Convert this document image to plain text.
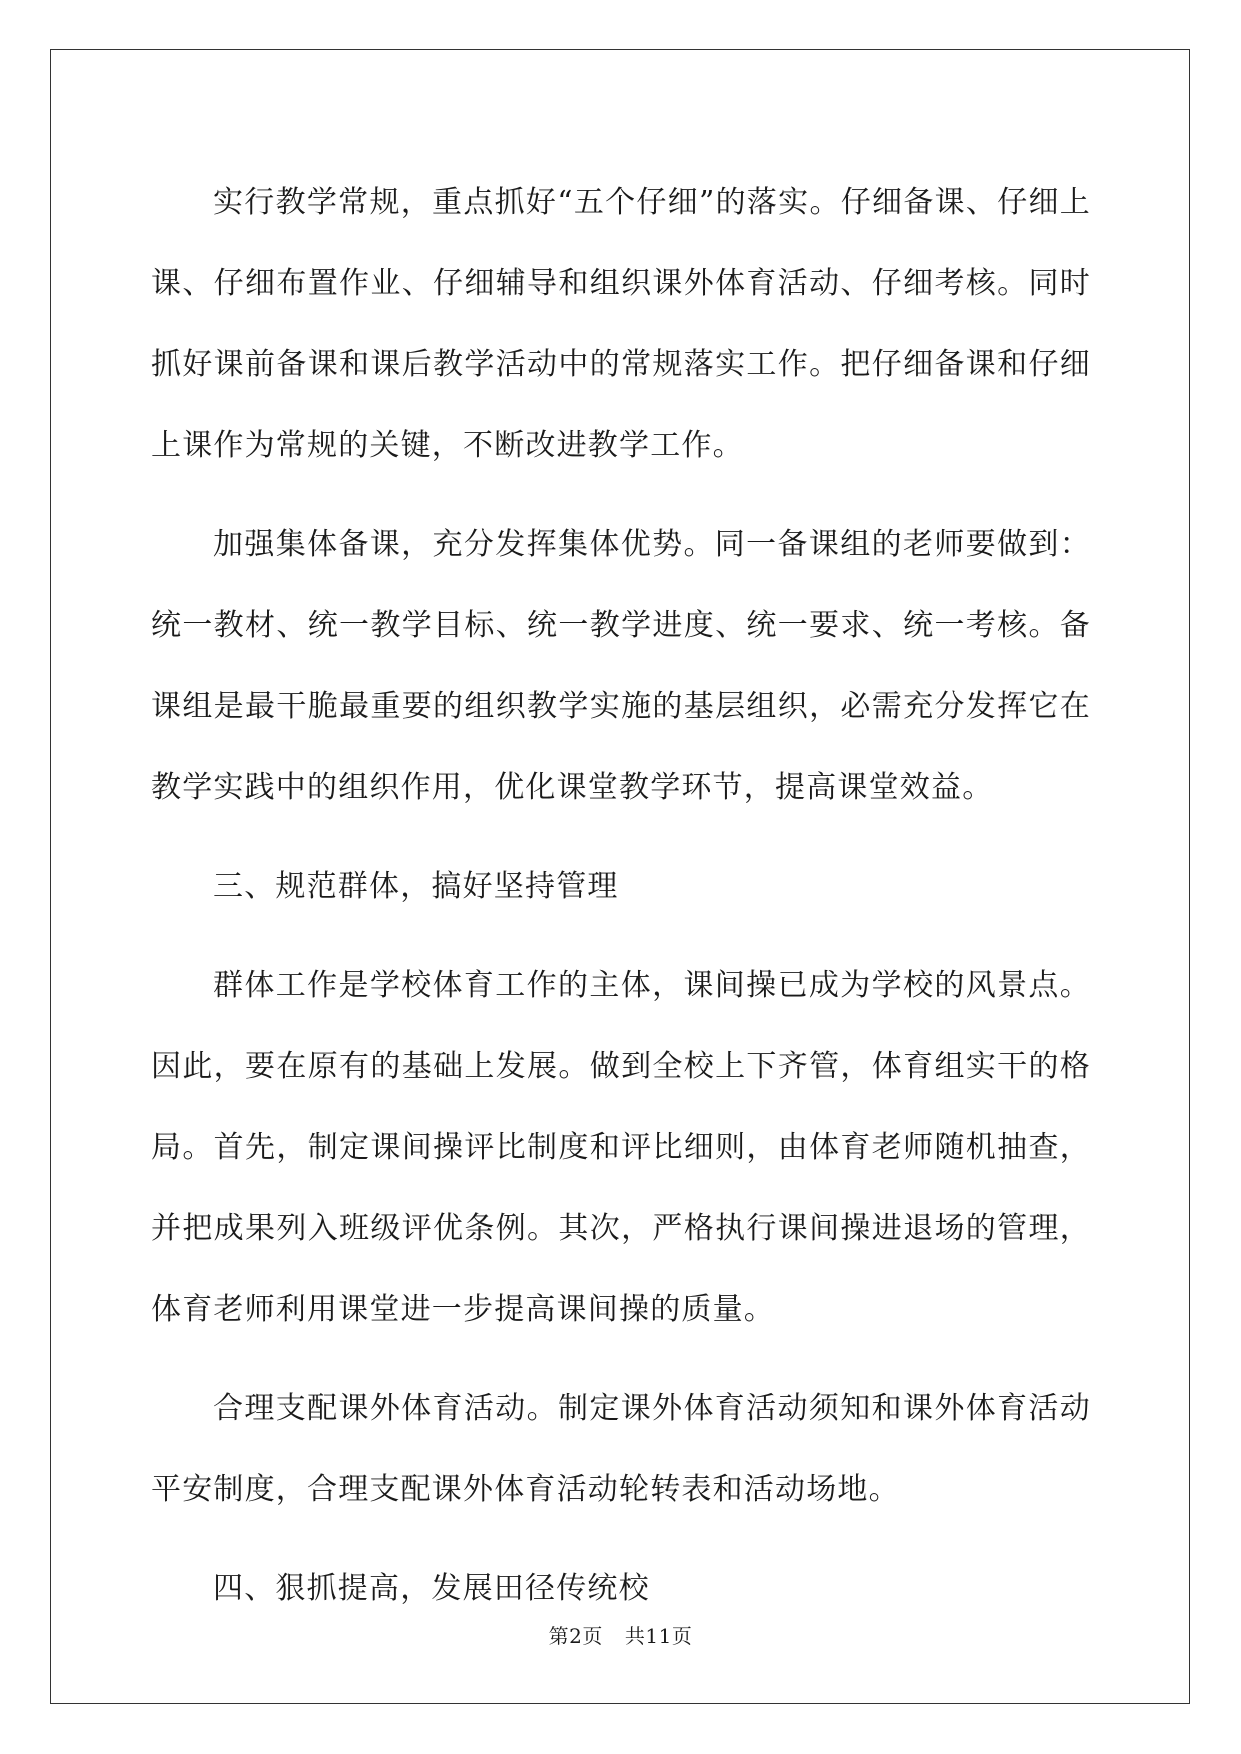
实行教学常规，重点抓好“五个仔细”的落实。仔细备课、仔细上课、仔细布置作业、仔细辅导和组织课外体育活动、仔细考核。同时抓好课前备课和课后教学活动中的常规落实工作。把仔细备课和仔细上课作为常规的关键，不断改进教学工作。

加强集体备课，充分发挥集体优势。同一备课组的老师要做到：统一教材、统一教学目标、统一教学进度、统一要求、统一考核。备课组是最干脆最重要的组织教学实施的基层组织，必需充分发挥它在教学实践中的组织作用，优化课堂教学环节，提高课堂效益。

三、规范群体，搞好坚持管理

群体工作是学校体育工作的主体，课间操已成为学校的风景点。因此，要在原有的基础上发展。做到全校上下齐管，体育组实干的格局。首先，制定课间操评比制度和评比细则，由体育老师随机抽查，并把成果列入班级评优条例。其次，严格执行课间操进退场的管理，体育老师利用课堂进一步提高课间操的质量。

合理支配课外体育活动。制定课外体育活动须知和课外体育活动平安制度，合理支配课外体育活动轮转表和活动场地。

四、狠抓提高，发展田径传统校

第2页 共11页
